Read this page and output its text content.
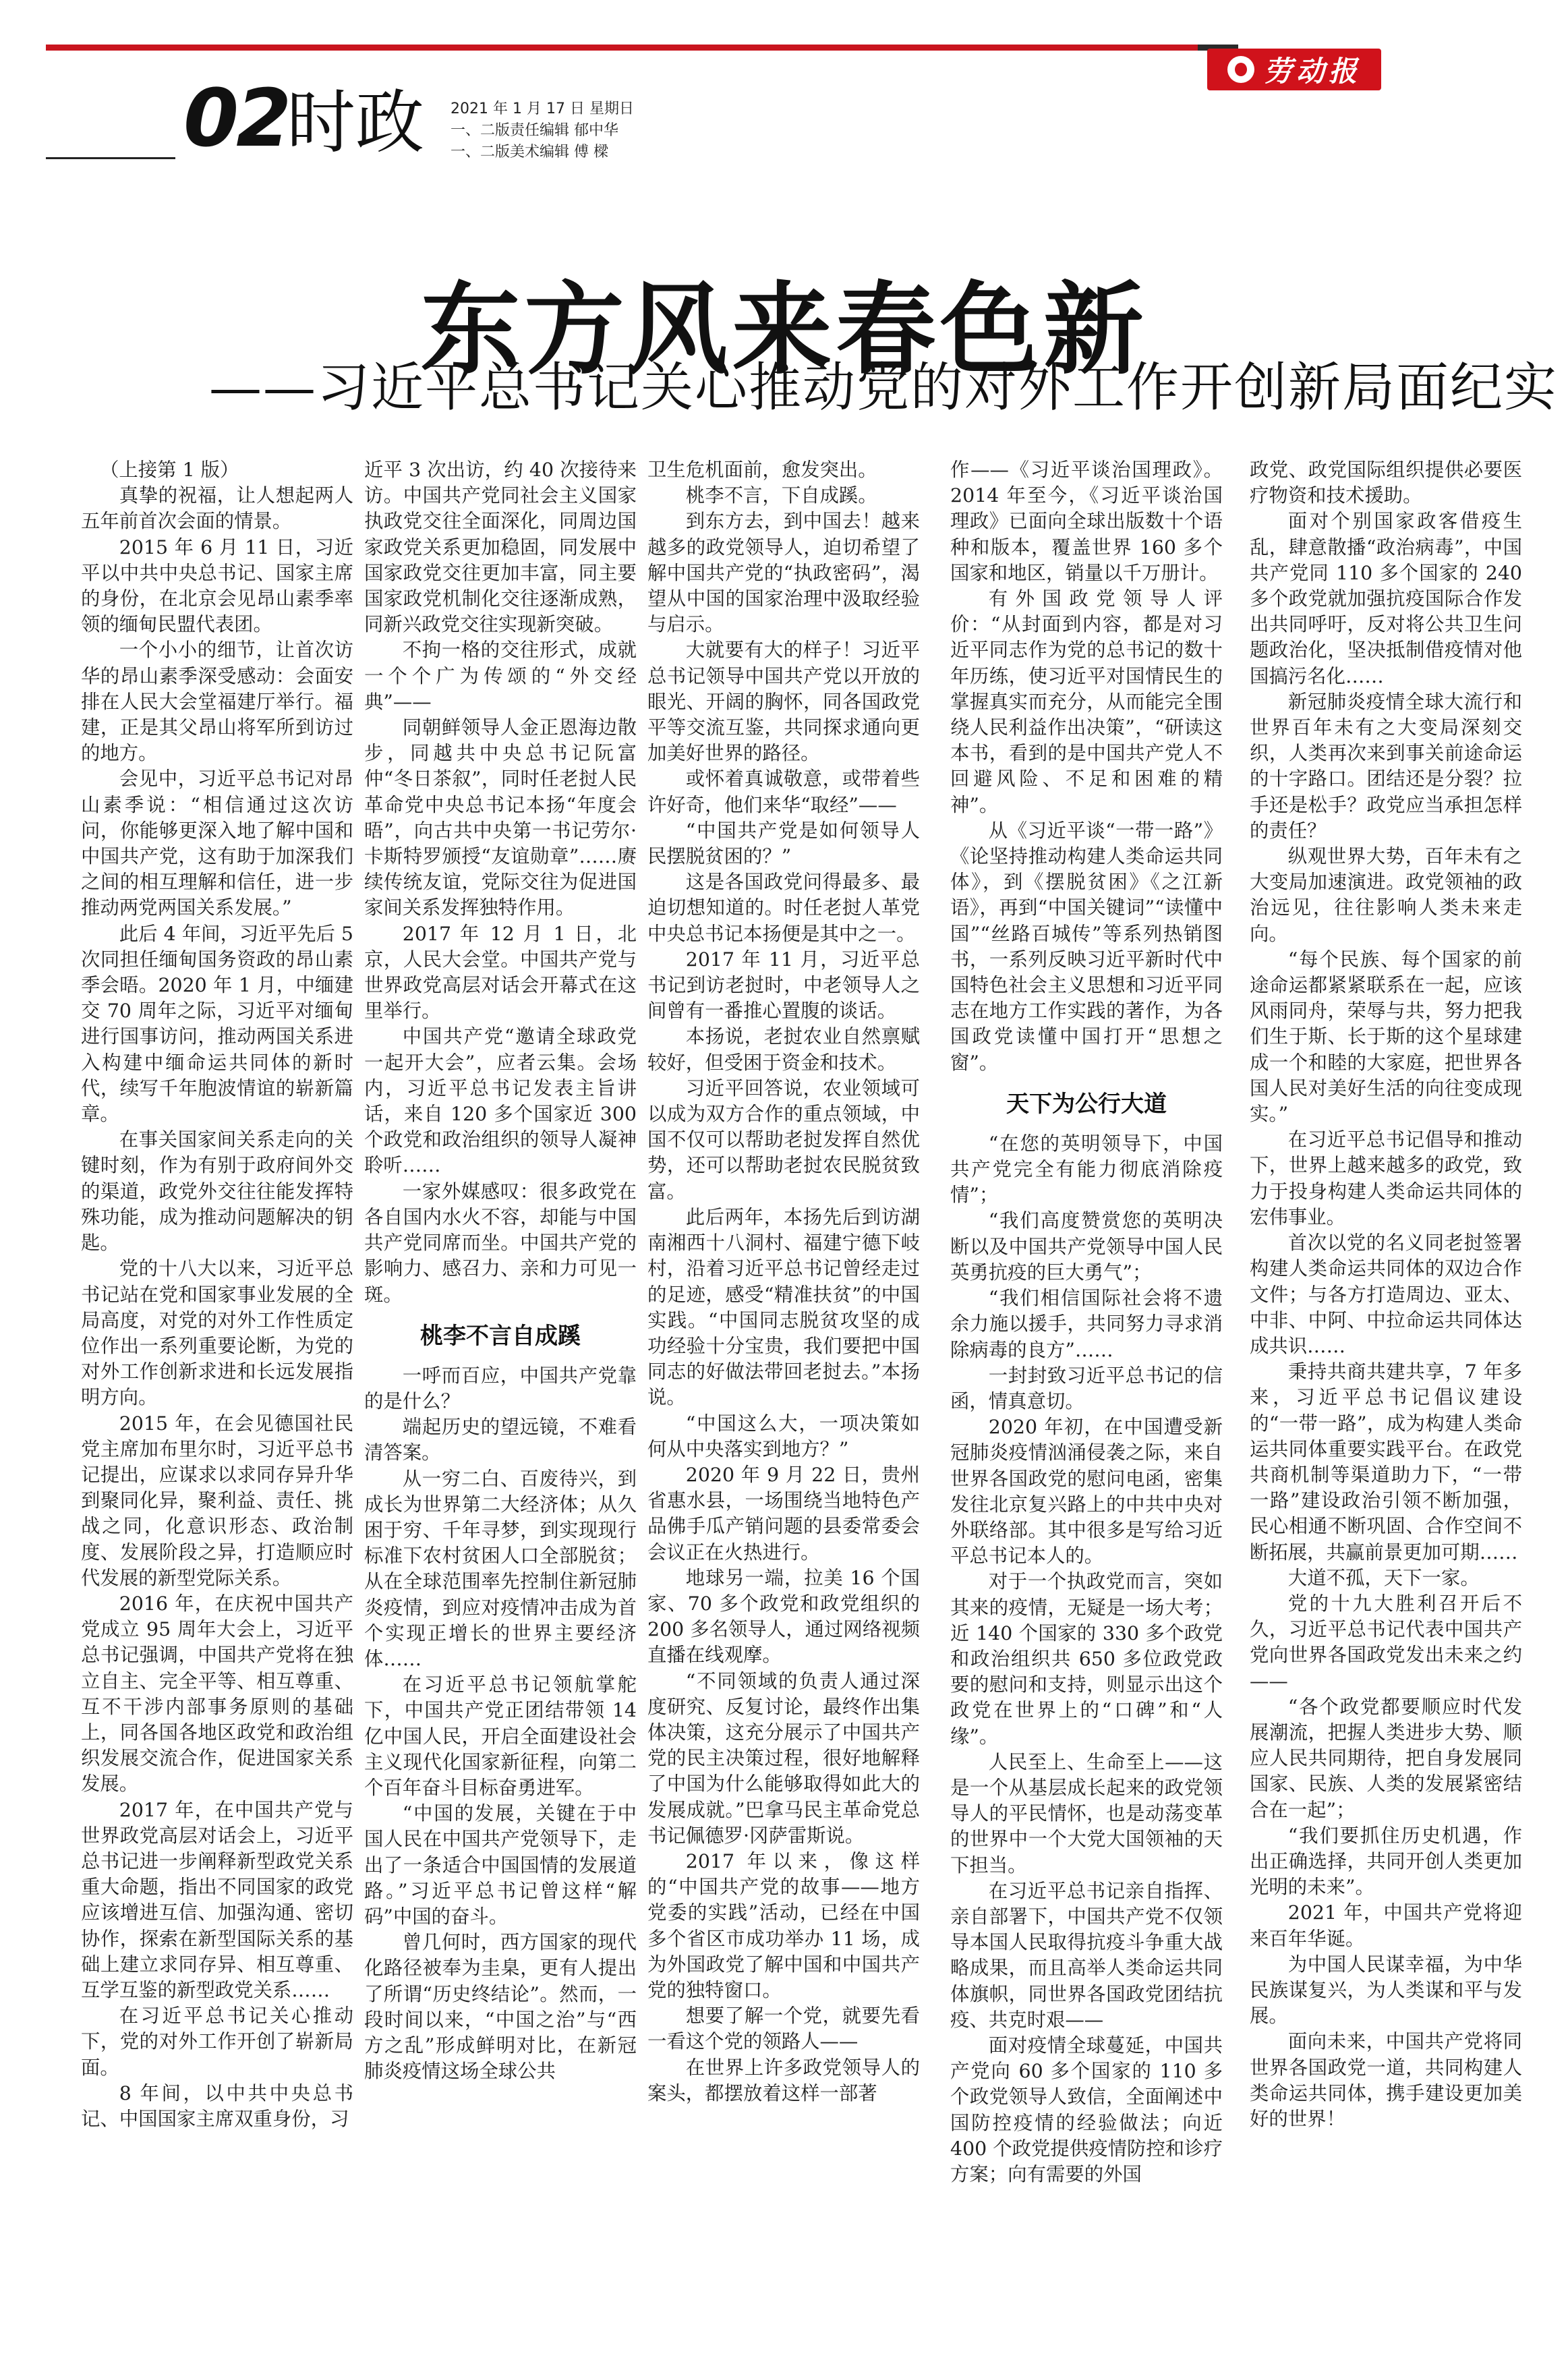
劳动报
02
时政 2021 年 1 月 17 日 星期日
一、二版责任编辑 郁中华
一、二版美术编辑 傅 樑
东方风来春色新
——习近平总书记关心推动党的对外工作开创新局面纪实

（上接第 1 版）

真挚的祝福，让人想起两人五年前首次会面的情景。

2015 年 6 月 11 日，习近平以中共中央总书记、国家主席的身份，在北京会见昂山素季率领的缅甸民盟代表团。

一个小小的细节，让首次访华的昂山素季深受感动：会面安排在人民大会堂福建厅举行。福建，正是其父昂山将军所到访过的地方。

会见中，习近平总书记对昂山素季说：“相信通过这次访问，你能够更深入地了解中国和中国共产党，这有助于加深我们之间的相互理解和信任，进一步推动两党两国关系发展。”

此后 4 年间，习近平先后 5 次同担任缅甸国务资政的昂山素季会晤。2020 年 1 月，中缅建交 70 周年之际，习近平对缅甸进行国事访问，推动两国关系进入构建中缅命运共同体的新时代，续写千年胞波情谊的崭新篇章。

在事关国家间关系走向的关键时刻，作为有别于政府间外交的渠道，政党外交往往能发挥特殊功能，成为推动问题解决的钥匙。

党的十八大以来，习近平总书记站在党和国家事业发展的全局高度，对党的对外工作性质定位作出一系列重要论断，为党的对外工作创新求进和长远发展指明方向。

2015 年，在会见德国社民党主席加布里尔时，习近平总书记提出，应谋求以求同存异升华到聚同化异，聚利益、责任、挑战之同，化意识形态、政治制度、发展阶段之异，打造顺应时代发展的新型党际关系。

2016 年，在庆祝中国共产党成立 95 周年大会上，习近平总书记强调，中国共产党将在独立自主、完全平等、相互尊重、互不干涉内部事务原则的基础上，同各国各地区政党和政治组织发展交流合作，促进国家关系发展。

2017 年，在中国共产党与世界政党高层对话会上，习近平总书记进一步阐释新型政党关系重大命题，指出不同国家的政党应该增进互信、加强沟通、密切协作，探索在新型国际关系的基础上建立求同存异、相互尊重、互学互鉴的新型政党关系……

在习近平总书记关心推动下，党的对外工作开创了崭新局面。

8 年间，以中共中央总书记、中国国家主席双重身份，习

近平 3 次出访，约 40 次接待来访。中国共产党同社会主义国家执政党交往全面深化，同周边国家政党关系更加稳固，同发展中国家政党交往更加丰富，同主要国家政党机制化交往逐渐成熟，同新兴政党交往实现新突破。

不拘一格的交往形式，成就一个个广为传颂的“外交经典”——

同朝鲜领导人金正恩海边散步，同越共中央总书记阮富仲“冬日茶叙”，同时任老挝人民革命党中央总书记本扬“年度会晤”，向古共中央第一书记劳尔·卡斯特罗颁授“友谊勋章”……赓续传统友谊，党际交往为促进国家间关系发挥独特作用。

2017 年 12 月 1 日，北京，人民大会堂。中国共产党与世界政党高层对话会开幕式在这里举行。

中国共产党“邀请全球政党一起开大会”，应者云集。会场内，习近平总书记发表主旨讲话，来自 120 多个国家近 300 个政党和政治组织的领导人凝神聆听……

一家外媒感叹：很多政党在各自国内水火不容，却能与中国共产党同席而坐。中国共产党的影响力、感召力、亲和力可见一斑。

桃李不言自成蹊

一呼而百应，中国共产党靠的是什么？

端起历史的望远镜，不难看清答案。

从一穷二白、百废待兴，到成长为世界第二大经济体；从久困于穷、千年寻梦，到实现现行标准下农村贫困人口全部脱贫；从在全球范围率先控制住新冠肺炎疫情，到应对疫情冲击成为首个实现正增长的世界主要经济体……

在习近平总书记领航掌舵下，中国共产党正团结带领 14 亿中国人民，开启全面建设社会主义现代化国家新征程，向第二个百年奋斗目标奋勇进军。

“中国的发展，关键在于中国人民在中国共产党领导下，走出了一条适合中国国情的发展道路。”习近平总书记曾这样“解码”中国的奋斗。

曾几何时，西方国家的现代化路径被奉为圭臬，更有人提出了所谓“历史终结论”。然而，一段时间以来，“中国之治”与“西方之乱”形成鲜明对比，在新冠肺炎疫情这场全球公共

卫生危机面前，愈发突出。

桃李不言，下自成蹊。

到东方去，到中国去！越来越多的政党领导人，迫切希望了解中国共产党的“执政密码”，渴望从中国的国家治理中汲取经验与启示。

大就要有大的样子！习近平总书记领导中国共产党以开放的眼光、开阔的胸怀，同各国政党平等交流互鉴，共同探求通向更加美好世界的路径。

或怀着真诚敬意，或带着些许好奇，他们来华“取经”——

“中国共产党是如何领导人民摆脱贫困的？”

这是各国政党问得最多、最迫切想知道的。时任老挝人革党中央总书记本扬便是其中之一。

2017 年 11 月，习近平总书记到访老挝时，中老领导人之间曾有一番推心置腹的谈话。

本扬说，老挝农业自然禀赋较好，但受困于资金和技术。

习近平回答说，农业领域可以成为双方合作的重点领域，中国不仅可以帮助老挝发挥自然优势，还可以帮助老挝农民脱贫致富。

此后两年，本扬先后到访湖南湘西十八洞村、福建宁德下岐村，沿着习近平总书记曾经走过的足迹，感受“精准扶贫”的中国实践。“中国同志脱贫攻坚的成功经验十分宝贵，我们要把中国同志的好做法带回老挝去。”本扬说。

“中国这么大，一项决策如何从中央落实到地方？”

2020 年 9 月 22 日，贵州省惠水县，一场围绕当地特色产品佛手瓜产销问题的县委常委会会议正在火热进行。

地球另一端，拉美 16 个国家、70 多个政党和政党组织的 200 多名领导人，通过网络视频直播在线观摩。

“不同领域的负责人通过深度研究、反复讨论，最终作出集体决策，这充分展示了中国共产党的民主决策过程，很好地解释了中国为什么能够取得如此大的发展成就。”巴拿马民主革命党总书记佩德罗·冈萨雷斯说。

2017 年以来，像这样的“中国共产党的故事——地方党委的实践”活动，已经在中国多个省区市成功举办 11 场，成为外国政党了解中国和中国共产党的独特窗口。

想要了解一个党，就要先看一看这个党的领路人——

在世界上许多政党领导人的案头，都摆放着这样一部著

作——《习近平谈治国理政》。2014 年至今，《习近平谈治国理政》已面向全球出版数十个语种和版本，覆盖世界 160 多个国家和地区，销量以千万册计。

有外国政党领导人评价：“从封面到内容，都是对习近平同志作为党的总书记的数十年历练，使习近平对国情民生的掌握真实而充分，从而能完全围绕人民利益作出决策”，“研读这本书，看到的是中国共产党人不回避风险、不足和困难的精神”。

从《习近平谈“一带一路”》《论坚持推动构建人类命运共同体》，到《摆脱贫困》《之江新语》，再到“中国关键词”“读懂中国”“丝路百城传”等系列热销图书，一系列反映习近平新时代中国特色社会主义思想和习近平同志在地方工作实践的著作，为各国政党读懂中国打开“思想之窗”。

天下为公行大道

“在您的英明领导下，中国共产党完全有能力彻底消除疫情”；

“我们高度赞赏您的英明决断以及中国共产党领导中国人民英勇抗疫的巨大勇气”；

“我们相信国际社会将不遗余力施以援手，共同努力寻求消除病毒的良方”……

一封封致习近平总书记的信函，情真意切。

2020 年初，在中国遭受新冠肺炎疫情汹涌侵袭之际，来自世界各国政党的慰问电函，密集发往北京复兴路上的中共中央对外联络部。其中很多是写给习近平总书记本人的。

对于一个执政党而言，突如其来的疫情，无疑是一场大考；近 140 个国家的 330 多个政党和政治组织共 650 多位政党政要的慰问和支持，则显示出这个政党在世界上的“口碑”和“人缘”。

人民至上、生命至上——这是一个从基层成长起来的政党领导人的平民情怀，也是动荡变革的世界中一个大党大国领袖的天下担当。

在习近平总书记亲自指挥、亲自部署下，中国共产党不仅领导本国人民取得抗疫斗争重大战略成果，而且高举人类命运共同体旗帜，同世界各国政党团结抗疫、共克时艰——

面对疫情全球蔓延，中国共产党向 60 多个国家的 110 多个政党领导人致信，全面阐述中国防控疫情的经验做法；向近 400 个政党提供疫情防控和诊疗方案；向有需要的外国

政党、政党国际组织提供必要医疗物资和技术援助。

面对个别国家政客借疫生乱，肆意散播“政治病毒”，中国共产党同 110 多个国家的 240 多个政党就加强抗疫国际合作发出共同呼吁，反对将公共卫生问题政治化，坚决抵制借疫情对他国搞污名化……

新冠肺炎疫情全球大流行和世界百年未有之大变局深刻交织，人类再次来到事关前途命运的十字路口。团结还是分裂？拉手还是松手？政党应当承担怎样的责任？

纵观世界大势，百年未有之大变局加速演进。政党领袖的政治远见，往往影响人类未来走向。

“每个民族、每个国家的前途命运都紧紧联系在一起，应该风雨同舟，荣辱与共，努力把我们生于斯、长于斯的这个星球建成一个和睦的大家庭，把世界各国人民对美好生活的向往变成现实。”

在习近平总书记倡导和推动下，世界上越来越多的政党，致力于投身构建人类命运共同体的宏伟事业。

首次以党的名义同老挝签署构建人类命运共同体的双边合作文件；与各方打造周边、亚太、中非、中阿、中拉命运共同体达成共识……

秉持共商共建共享，7 年多来，习近平总书记倡议建设的“一带一路”，成为构建人类命运共同体重要实践平台。在政党共商机制等渠道助力下，“一带一路”建设政治引领不断加强，民心相通不断巩固、合作空间不断拓展，共赢前景更加可期……

大道不孤，天下一家。

党的十九大胜利召开后不久，习近平总书记代表中国共产党向世界各国政党发出未来之约——

“各个政党都要顺应时代发展潮流，把握人类进步大势、顺应人民共同期待，把自身发展同国家、民族、人类的发展紧密结合在一起”；

“我们要抓住历史机遇，作出正确选择，共同开创人类更加光明的未来”。

2021 年，中国共产党将迎来百年华诞。

为中国人民谋幸福，为中华民族谋复兴，为人类谋和平与发展。

面向未来，中国共产党将同世界各国政党一道，共同构建人类命运共同体，携手建设更加美好的世界！
